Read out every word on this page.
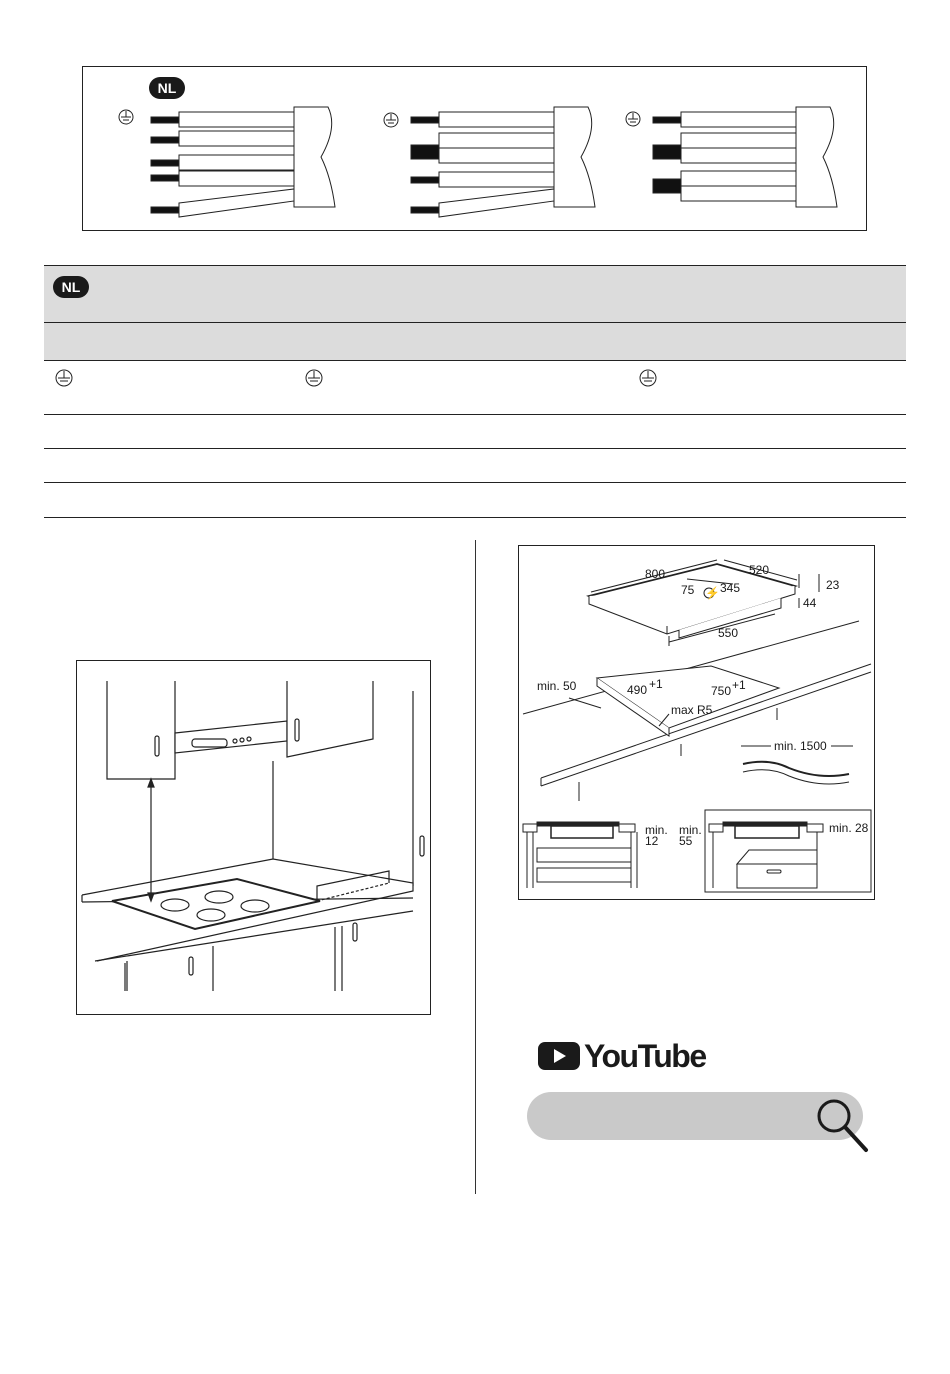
NL
NL
⚡
800	520
75 345	23
44
550
min. 50	490 +1	750 +1
max R5
min. 1500
min.
12
min.
55
min. 28
YouTube
